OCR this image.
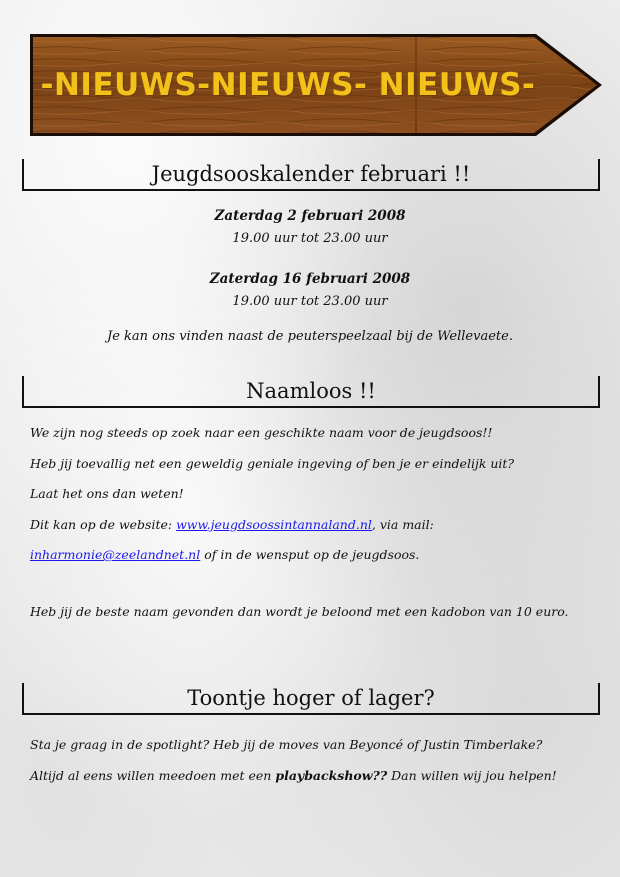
-NIEUWS-NIEUWS- NIEUWS-
Jeugdsooskalender februari !!
Zaterdag 2 februari 2008
19.00 uur tot 23.00 uur
Zaterdag 16 februari 2008
19.00 uur tot 23.00 uur
Je kan ons vinden naast de peuterspeelzaal bij de Wellevaete.
Naamloos !!
We zijn nog steeds op zoek naar een geschikte naam voor de jeugdsoos!!
Heb jij toevallig net een geweldig geniale ingeving of ben je er eindelijk uit?
Laat het ons dan weten!
Dit kan op de website: www.jeugdsoossintannaland.nl, via mail:
inharmonie@zeelandnet.nl of in de wensput op de jeugdsoos.
Heb jij de beste naam gevonden dan wordt je beloond met een kadobon van 10 euro.
Toontje hoger of lager?
Sta je graag in de spotlight? Heb jij de moves van Beyoncé of Justin Timberlake?
Altijd al eens willen meedoen met een playbackshow?? Dan willen wij jou helpen!
